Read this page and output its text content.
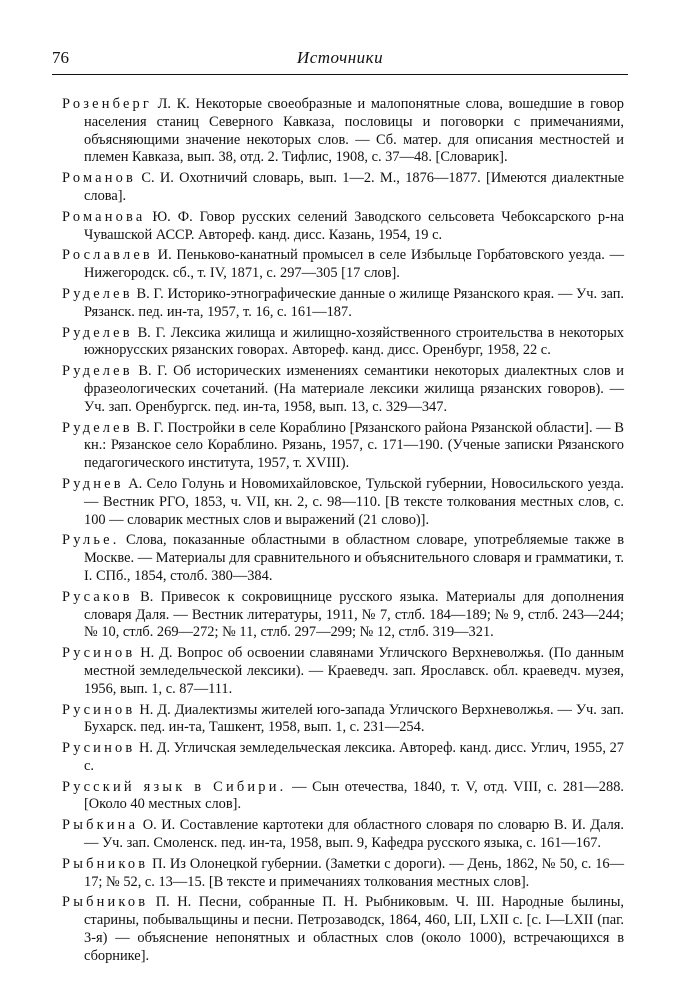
76	Источники

Розенберг Л. К. Некоторые своеобразные и малопонятные слова, вошедшие в говор населения станиц Северного Кавказа, пословицы и поговорки с примечаниями, объясняющими значение некоторых слов. — Сб. матер. для описания местностей и племен Кавказа, вып. 38, отд. 2. Тифлис, 1908, с. 37—48. [Словарик].

Романов С. И. Охотничий словарь, вып. 1—2. М., 1876—1877. [Имеются диалектные слова].

Романова Ю. Ф. Говор русских селений Заводского сельсовета Чебоксарского р-на Чувашской АССР. Автореф. канд. дисс. Казань, 1954, 19 с.

Рославлев И. Пеньково-канатный промысел в селе Избыльце Горбатовского уезда. — Нижегородск. сб., т. IV, 1871, с. 297—305 [17 слов].

Руделев В. Г. Историко-этнографические данные о жилище Рязанского края. — Уч. зап. Рязанск. пед. ин-та, 1957, т. 16, с. 161—187.

Руделев В. Г. Лексика жилища и жилищно-хозяйственного строительства в некоторых южнорусских рязанских говорах. Автореф. канд. дисс. Оренбург, 1958, 22 с.

Руделев В. Г. Об исторических изменениях семантики некоторых диалектных слов и фразеологических сочетаний. (На материале лексики жилища рязанских говоров). — Уч. зап. Оренбургск. пед. ин-та, 1958, вып. 13, с. 329—347.

Руделев В. Г. Постройки в селе Кораблино [Рязанского района Рязанской области]. — В кн.: Рязанское село Кораблино. Рязань, 1957, с. 171—190. (Ученые записки Рязанского педагогического института, 1957, т. XVIII).

Руднев А. Село Голунь и Новомихайловское, Тульской губернии, Новосильского уезда. — Вестник РГО, 1853, ч. VII, кн. 2, с. 98—110. [В тексте толкования местных слов, с. 100 — словарик местных слов и выражений (21 слово)].

Рулье. Слова, показанные областными в областном словаре, употребляемые также в Москве. — Материалы для сравнительного и объяснительного словаря и грамматики, т. I. СПб., 1854, столб. 380—384.

Русаков В. Привесок к сокровищнице русского языка. Материалы для дополнения словаря Даля. — Вестник литературы, 1911, № 7, стлб. 184—189; № 9, стлб. 243—244; № 10, стлб. 269—272; № 11, стлб. 297—299; № 12, стлб. 319—321.

Русинов Н. Д. Вопрос об освоении славянами Угличского Верхневолжья. (По данным местной земледельческой лексики). — Краеведч. зап. Ярославск. обл. краеведч. музея, 1956, вып. 1, с. 87—111.

Русинов Н. Д. Диалектизмы жителей юго-запада Угличского Верхневолжья. — Уч. зап. Бухарск. пед. ин-та, Ташкент, 1958, вып. 1, с. 231—254.

Русинов Н. Д. Угличская земледельческая лексика. Автореф. канд. дисс. Углич, 1955, 27 с.

Русский язык в Сибири. — Сын отечества, 1840, т. V, отд. VIII, с. 281—288. [Около 40 местных слов].

Рыбкина О. И. Составление картотеки для областного словаря по словарю В. И. Даля. — Уч. зап. Смоленск. пед. ин-та, 1958, вып. 9, Кафедра русского языка, с. 161—167.

Рыбников П. Из Олонецкой губернии. (Заметки с дороги). — День, 1862, № 50, с. 16—17; № 52, с. 13—15. [В тексте и примечаниях толкования местных слов].

Рыбников П. Н. Песни, собранные П. Н. Рыбниковым. Ч. III. Народные былины, старины, побывальщины и песни. Петрозаводск, 1864, 460, LII, LXII с. [с. I—LXII (паг. 3-я) — объяснение непонятных и областных слов (около 1000), встречающихся в сборнике].
